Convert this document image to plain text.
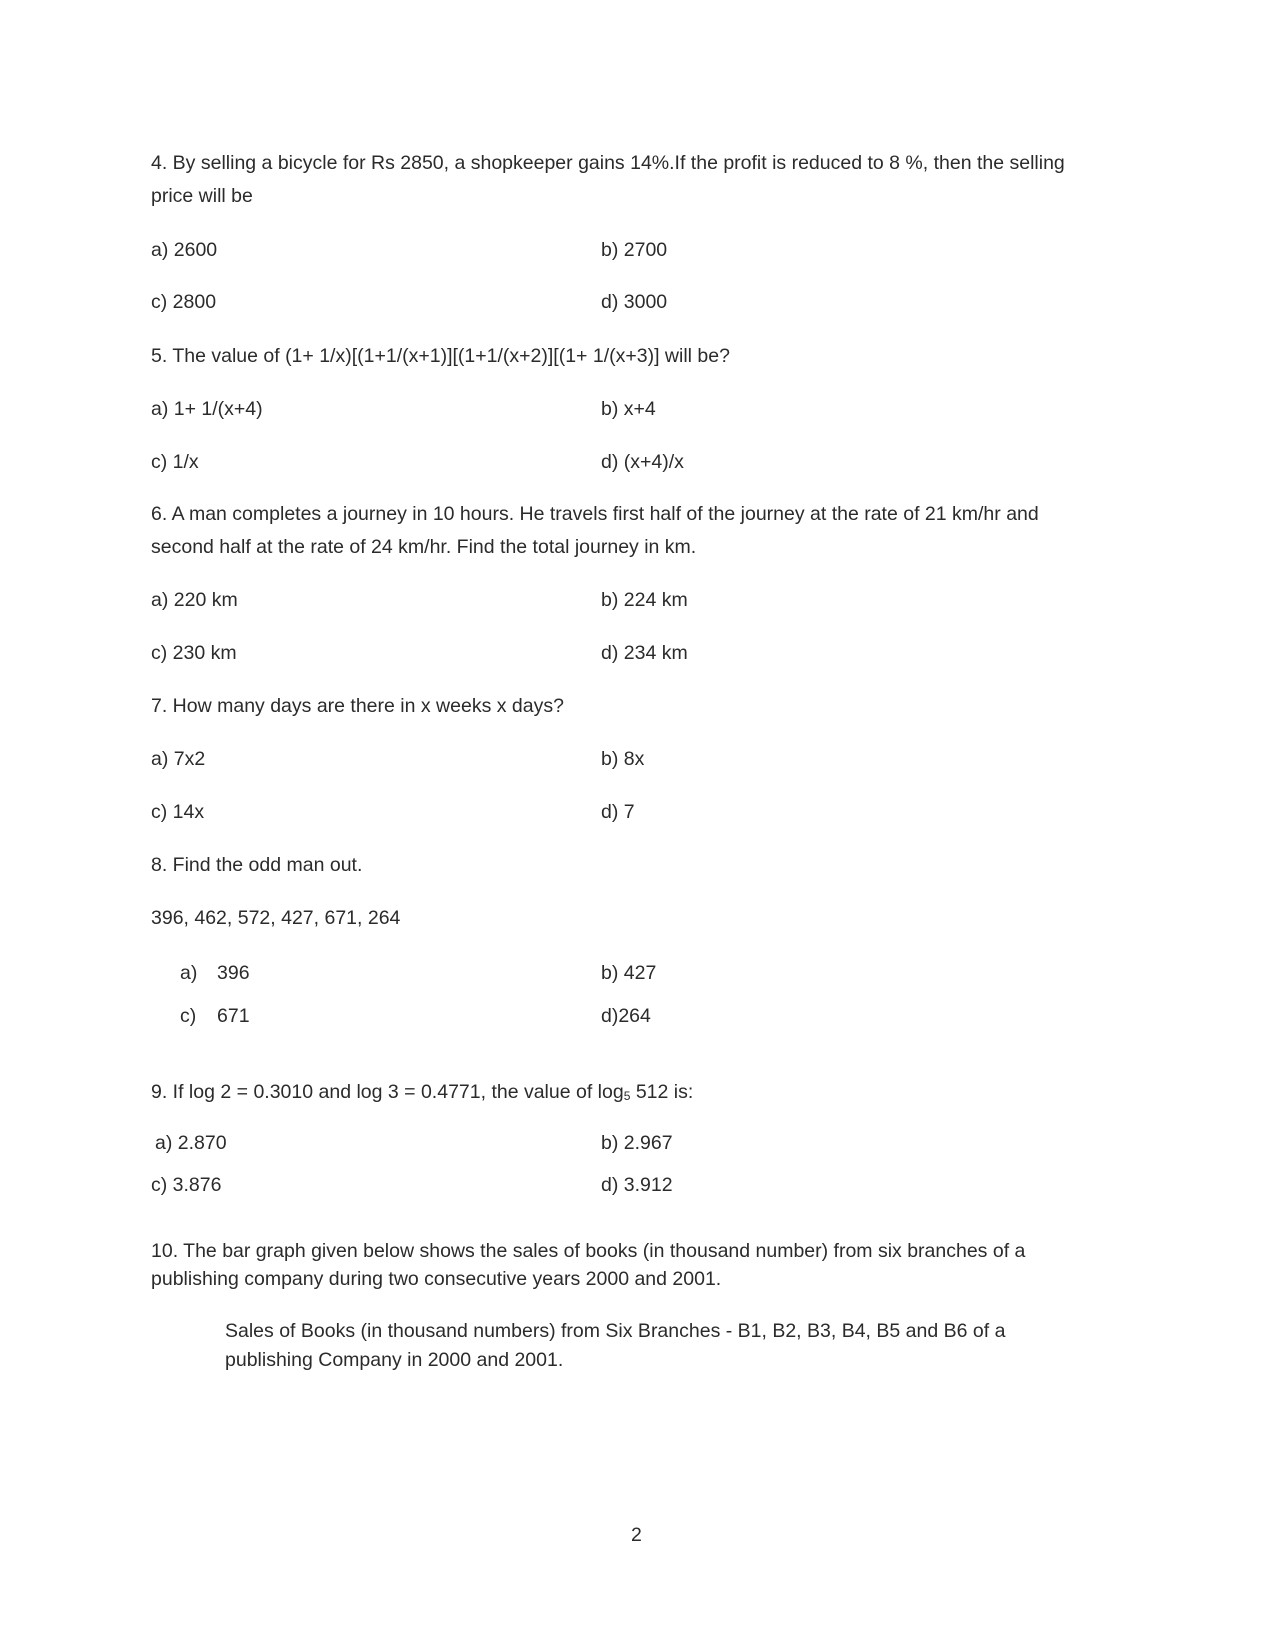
4. By selling a bicycle for Rs 2850, a shopkeeper gains 14%.If the profit is reduced to 8 %, then the selling
price will be
a) 2600	b) 2700
c) 2800	d) 3000
5. The value of (1+ 1/x)[(1+1/(x+1)][(1+1/(x+2)][(1+ 1/(x+3)] will be?
a) 1+ 1/(x+4)	b) x+4
c) 1/x	d) (x+4)/x
6. A man completes a journey in 10 hours. He travels first half of the journey at the rate of 21 km/hr and
second half at the rate of 24 km/hr. Find the total journey in km.
a) 220 km	b) 224 km
c) 230 km	d) 234 km
7. How many days are there in x weeks x days?
a) 7x2	b) 8x
c) 14x	d) 7
8. Find the odd man out.
396, 462, 572, 427, 671, 264
a) 396	b) 427
c) 671	d)264
9. If log 2 = 0.3010 and log 3 = 0.4771, the value of $\log_5 512$ is:
a) 2.870	b) 2.967
c) 3.876	d) 3.912
10. The bar graph given below shows the sales of books (in thousand number) from six branches of a
publishing company during two consecutive years 2000 and 2001.
Sales of Books (in thousand numbers) from Six Branches - B1, B2, B3, B4, B5 and B6 of a
publishing Company in 2000 and 2001.
2
